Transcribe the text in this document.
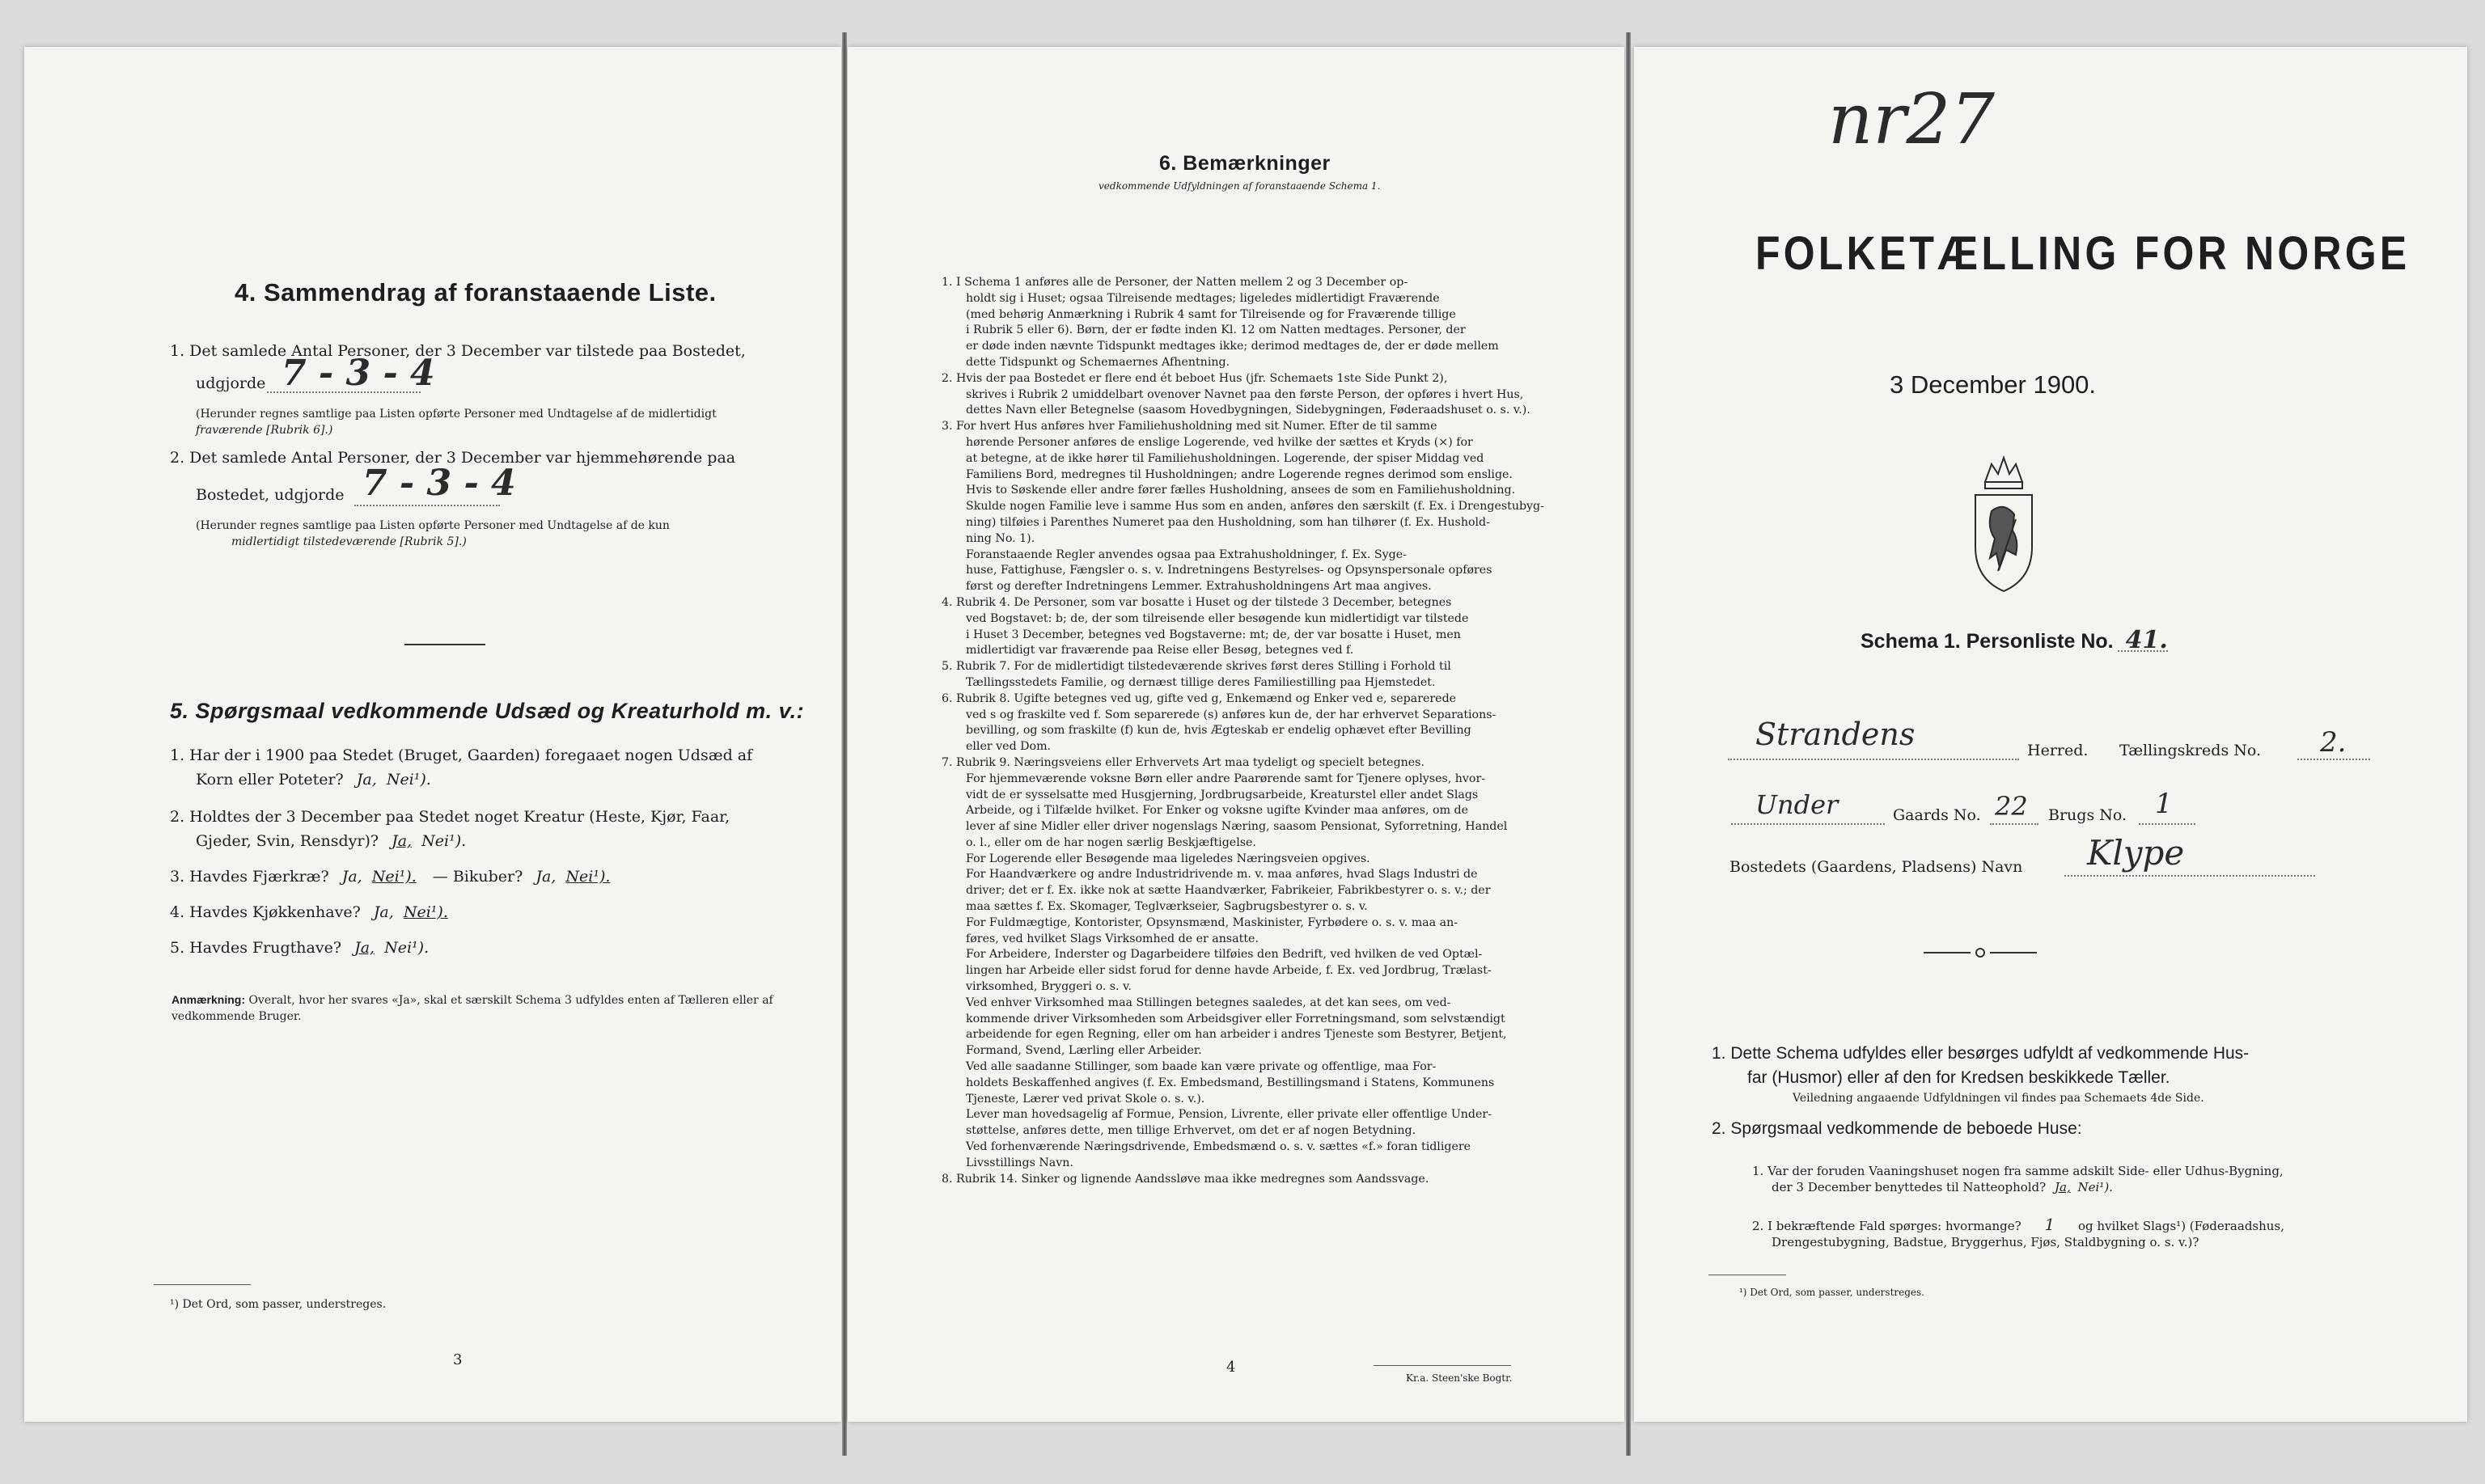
4. Sammendrag af foranstaaende Liste.
1. Det samlede Antal Personer, der 3 December var tilstede paa Bostedet,
udgjorde 7 - 3 - 4
(Herunder regnes samtlige paa Listen opførte Personer med Undtagelse af de midlertidigt
fraværende [Rubrik 6].)
2. Det samlede Antal Personer, der 3 December var hjemmehørende paa
Bostedet, udgjorde 7 - 3 - 4
(Herunder regnes samtlige paa Listen opførte Personer med Undtagelse af de kun
midlertidigt tilstedeværende [Rubrik 5].)
5. Spørgsmaal vedkommende Udsæd og Kreaturhold m. v.:
1. Har der i 1900 paa Stedet (Bruget, Gaarden) foregaaet nogen Udsæd af
Korn eller Poteter? Ja, Nei¹).
2. Holdtes der 3 December paa Stedet noget Kreatur (Heste, Kjør, Faar,
Gjeder, Svin, Rensdyr)? Ja, Nei¹).
3. Havdes Fjærkræ? Ja, Nei¹). — Bikuber? Ja, Nei¹).
4. Havdes Kjøkkenhave? Ja, Nei¹).
5. Havdes Frugthave? Ja, Nei¹).
Anmærkning: Overalt, hvor her svares «Ja», skal et særskilt Schema 3 udfyldes enten af Tælleren eller af vedkommende Bruger.
¹) Det Ord, som passer, understreges.
3
6. Bemærkninger
vedkommende Udfyldningen af foranstaaende Schema 1.
1. I Schema 1 anføres alle de Personer, der Natten mellem 2 og 3 December op-
holdt sig i Huset; ogsaa Tilreisende medtages; ligeledes midlertidigt Fraværende
(med behørig Anmærkning i Rubrik 4 samt for Tilreisende og for Fraværende tillige
i Rubrik 5 eller 6). Børn, der er fødte inden Kl. 12 om Natten medtages. Personer, der
er døde inden nævnte Tidspunkt medtages ikke; derimod medtages de, der er døde mellem
dette Tidspunkt og Schemaernes Afhentning.
2. Hvis der paa Bostedet er flere end ét beboet Hus (jfr. Schemaets 1ste Side Punkt 2),
skrives i Rubrik 2 umiddelbart ovenover Navnet paa den første Person, der opføres i hvert Hus,
dettes Navn eller Betegnelse (saasom Hovedbygningen, Sidebygningen, Føderaadshuset o. s. v.).
3. For hvert Hus anføres hver Familiehusholdning med sit Numer. Efter de til samme
hørende Personer anføres de enslige Logerende, ved hvilke der sættes et Kryds (×) for
at betegne, at de ikke hører til Familiehusholdningen. Logerende, der spiser Middag ved
Familiens Bord, medregnes til Husholdningen; andre Logerende regnes derimod som enslige.
Hvis to Søskende eller andre fører fælles Husholdning, ansees de som en Familiehusholdning.
Skulde nogen Familie leve i samme Hus som en anden, anføres den særskilt (f. Ex. i Drengestubyg-
ning) tilføies i Parenthes Numeret paa den Husholdning, som han tilhører (f. Ex. Hushold-
ning No. 1).
Foranstaaende Regler anvendes ogsaa paa Extrahusholdninger, f. Ex. Syge-
huse, Fattighuse, Fængsler o. s. v. Indretningens Bestyrelses- og Opsynspersonale opføres
først og derefter Indretningens Lemmer. Extrahusholdningens Art maa angives.
4. Rubrik 4. De Personer, som var bosatte i Huset og der tilstede 3 December, betegnes
ved Bogstavet: b; de, der som tilreisende eller besøgende kun midlertidigt var tilstede
i Huset 3 December, betegnes ved Bogstaverne: mt; de, der var bosatte i Huset, men
midlertidigt var fraværende paa Reise eller Besøg, betegnes ved f.
5. Rubrik 7. For de midlertidigt tilstedeværende skrives først deres Stilling i Forhold til
Tællingsstedets Familie, og dernæst tillige deres Familiestilling paa Hjemstedet.
6. Rubrik 8. Ugifte betegnes ved ug, gifte ved g, Enkemænd og Enker ved e, separerede
ved s og fraskilte ved f. Som separerede (s) anføres kun de, der har erhvervet Separations-
bevilling, og som fraskilte (f) kun de, hvis Ægteskab er endelig ophævet efter Bevilling
eller ved Dom.
7. Rubrik 9. Næringsveiens eller Erhvervets Art maa tydeligt og specielt betegnes.
For hjemmeværende voksne Børn eller andre Paarørende samt for Tjenere oplyses, hvor-
vidt de er sysselsatte med Husgjerning, Jordbrugsarbeide, Kreaturstel eller andet Slags
Arbeide, og i Tilfælde hvilket. For Enker og voksne ugifte Kvinder maa anføres, om de
lever af sine Midler eller driver nogenslags Næring, saasom Pensionat, Syforretning, Handel
o. l., eller om de har nogen særlig Beskjæftigelse.
For Logerende eller Besøgende maa ligeledes Næringsveien opgives.
For Haandværkere og andre Industridrivende m. v. maa anføres, hvad Slags Industri de
driver; det er f. Ex. ikke nok at sætte Haandværker, Fabrikeier, Fabrikbestyrer o. s. v.; der
maa sættes f. Ex. Skomager, Teglværkseier, Sagbrugsbestyrer o. s. v.
For Fuldmægtige, Kontorister, Opsynsmænd, Maskinister, Fyrbødere o. s. v. maa an-
føres, ved hvilket Slags Virksomhed de er ansatte.
For Arbeidere, Inderster og Dagarbeidere tilføies den Bedrift, ved hvilken de ved Optæl-
lingen har Arbeide eller sidst forud for denne havde Arbeide, f. Ex. ved Jordbrug, Trælast-
virksomhed, Bryggeri o. s. v.
Ved enhver Virksomhed maa Stillingen betegnes saaledes, at det kan sees, om ved-
kommende driver Virksomheden som Arbeidsgiver eller Forretningsmand, som selvstændigt
arbeidende for egen Regning, eller om han arbeider i andres Tjeneste som Bestyrer, Betjent,
Formand, Svend, Lærling eller Arbeider.
Ved alle saadanne Stillinger, som baade kan være private og offentlige, maa For-
holdets Beskaffenhed angives (f. Ex. Embedsmand, Bestillingsmand i Statens, Kommunens
Tjeneste, Lærer ved privat Skole o. s. v.).
Lever man hovedsagelig af Formue, Pension, Livrente, eller private eller offentlige Under-
støttelse, anføres dette, men tillige Erhvervet, om det er af nogen Betydning.
Ved forhenværende Næringsdrivende, Embedsmænd o. s. v. sættes «f.» foran tidligere
Livsstillings Navn.
8. Rubrik 14. Sinker og lignende Aandssløve maa ikke medregnes som Aandssvage.
4
Kr.a. Steen'ske Bogtr.
nr27
FOLKETÆLLING FOR NORGE
3 December 1900.
Schema 1. Personliste No. 41.
Strandens	Herred. Tællingskreds No. 2.
Under	Gaards No. 22 Brugs No. 1
Bostedets (Gaardens, Pladsens) Navn Klype
1. Dette Schema udfyldes eller besørges udfyldt af vedkommende Hus-
far (Husmor) eller af den for Kredsen beskikkede Tæller.
Veiledning angaaende Udfyldningen vil findes paa Schemaets 4de Side.
2. Spørgsmaal vedkommende de beboede Huse:
1. Var der foruden Vaaningshuset nogen fra samme adskilt Side- eller Udhus-Bygning,
der 3 December benyttedes til Natteophold? Ja, Nei¹).
2. I bekræftende Fald spørges: hvormange? 1 og hvilket Slags¹) (Føderaadshus,
Drengestubygning, Badstue, Bryggerhus, Fjøs, Staldbygning o. s. v.)?
¹) Det Ord, som passer, understreges.
